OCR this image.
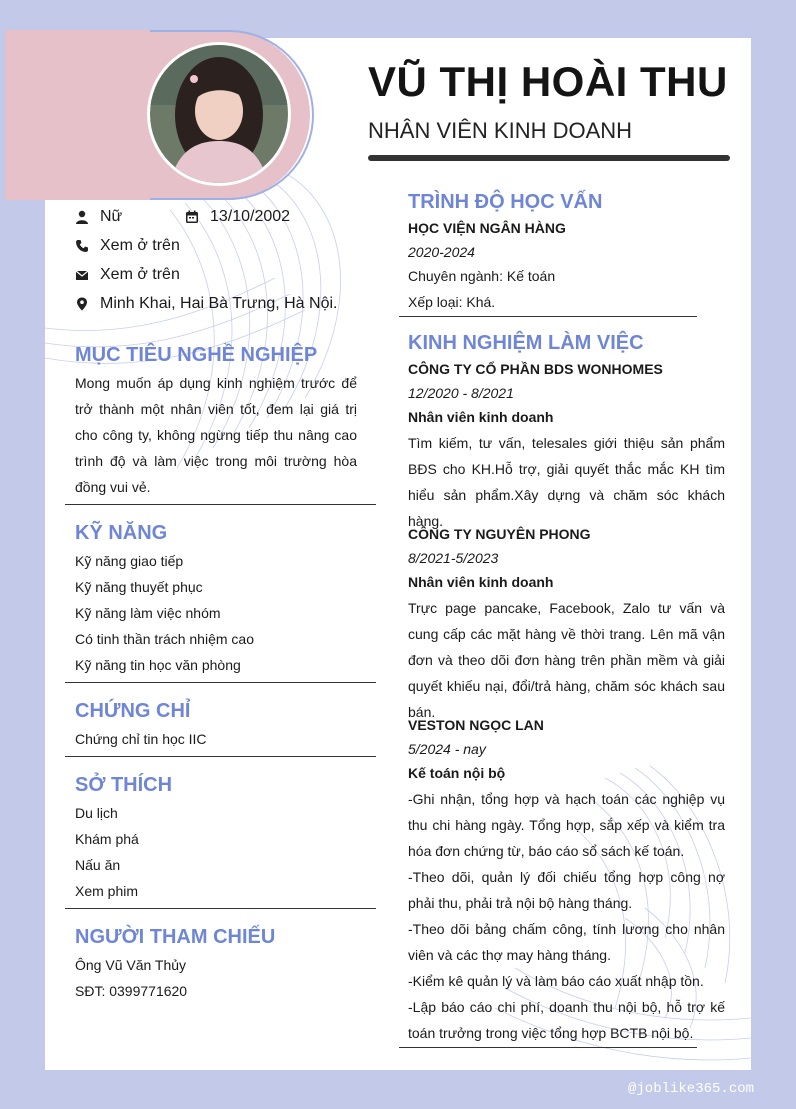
VŨ THỊ HOÀI THU
NHÂN VIÊN KINH DOANH
Nữ	13/10/2002
Xem ở trên
Xem ở trên
Minh Khai, Hai Bà Trưng, Hà Nội.
MỤC TIÊU NGHỀ NGHIỆP
Mong muốn áp dụng kinh nghiệm trước để trở thành một nhân viên tốt, đem lại giá trị cho công ty, không ngừng tiếp thu nâng cao trình độ và làm việc trong môi trường hòa đồng vui vẻ.
KỸ NĂNG
Kỹ năng giao tiếp
Kỹ năng thuyết phục
Kỹ năng làm việc nhóm
Có tinh thần trách nhiệm cao
Kỹ năng tin học văn phòng
CHỨNG CHỈ
Chứng chỉ tin học IIC
SỞ THÍCH
Du lịch
Khám phá
Nấu ăn
Xem phim
NGƯỜI THAM CHIẾU
Ông Vũ Văn Thủy
SĐT: 0399771620
TRÌNH ĐỘ HỌC VẤN
HỌC VIỆN NGÂN HÀNG
2020-2024
Chuyên ngành: Kế toán
Xếp loại: Khá.
KINH NGHIỆM LÀM VIỆC
CÔNG TY CỔ PHẦN BDS WONHOMES
12/2020 - 8/2021
Nhân viên kinh doanh
Tìm kiếm, tư vấn, telesales giới thiệu sản phẩm BĐS cho KH.Hỗ trợ, giải quyết thắc mắc KH tìm hiểu sản phẩm.Xây dựng và chăm sóc khách hàng.
CÔNG TY NGUYÊN PHONG
8/2021-5/2023
Nhân viên kinh doanh
Trực page pancake, Facebook, Zalo tư vấn và cung cấp các mặt hàng về thời trang. Lên mã vận đơn và theo dõi đơn hàng trên phần mềm và giải quyết khiếu nại, đổi/trả hàng, chăm sóc khách sau bán.
VESTON NGỌC LAN
5/2024 - nay
Kế toán nội bộ
-Ghi nhận, tổng hợp và hạch toán các nghiệp vụ thu chi hàng ngày. Tổng hợp, sắp xếp và kiểm tra hóa đơn chứng từ, báo cáo sổ sách kế toán.
-Theo dõi, quản lý đối chiếu tổng hợp công nợ phải thu, phải trả nội bộ hàng tháng.
-Theo dõi bảng chấm công, tính lương cho nhân viên và các thợ may hàng tháng.
-Kiểm kê quản lý và làm báo cáo xuất nhập tồn.
-Lập báo cáo chi phí, doanh thu nội bộ, hỗ trợ kế toán trưởng trong việc tổng hợp BCTB nội bộ.
@joblike365.com
